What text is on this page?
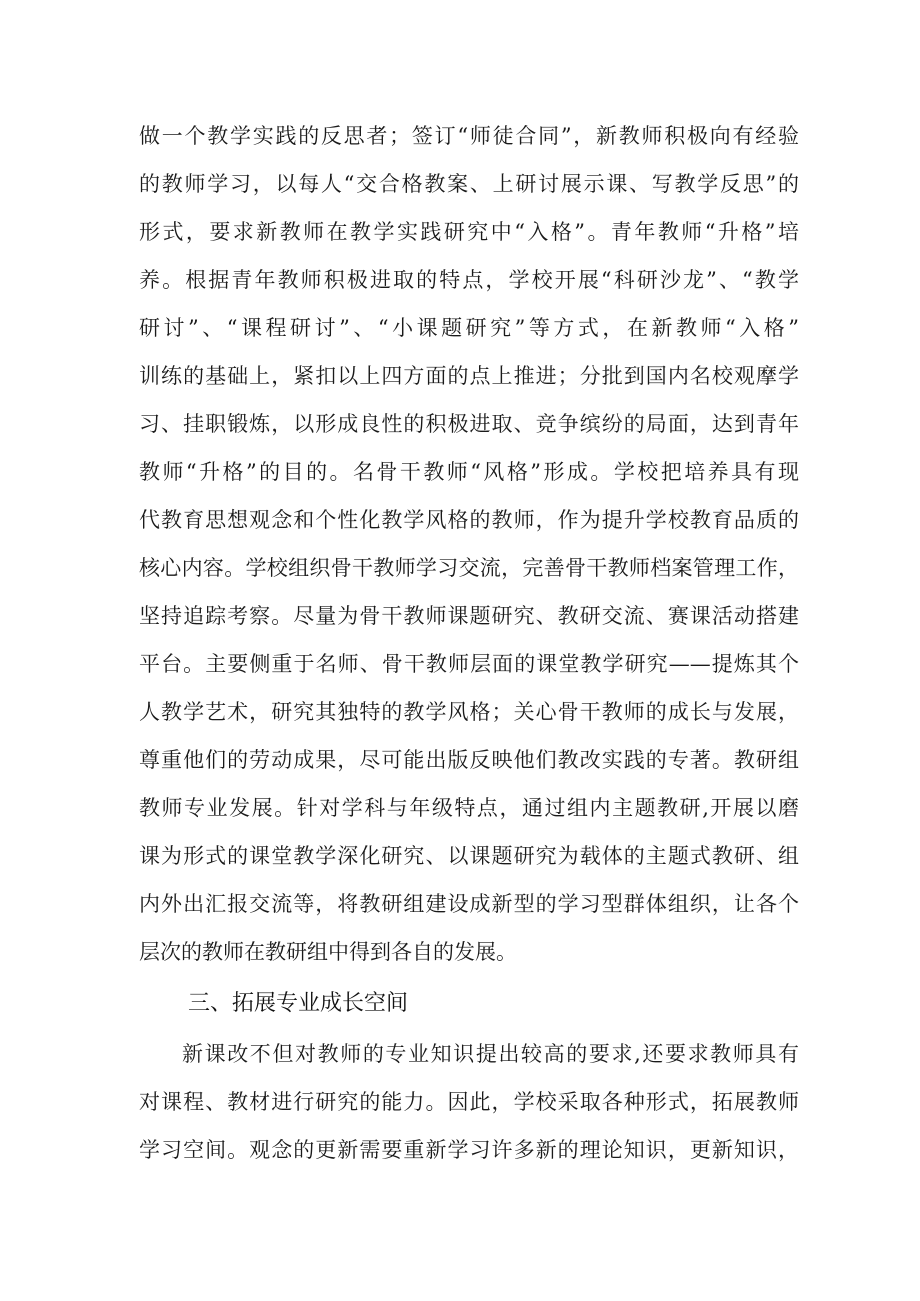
做一个教学实践的反思者；签订“师徒合同”，新教师积极向有经验
的教师学习，以每人“交合格教案、上研讨展示课、写教学反思”的
形式，要求新教师在教学实践研究中“入格”。青年教师“升格”培
养。根据青年教师积极进取的特点，学校开展“科研沙龙”、“教学
研讨”、“课程研讨”、“小课题研究”等方式，在新教师“入格”
训练的基础上，紧扣以上四方面的点上推进；分批到国内名校观摩学
习、挂职锻炼，以形成良性的积极进取、竞争缤纷的局面，达到青年
教师“升格”的目的。名骨干教师“风格”形成。学校把培养具有现
代教育思想观念和个性化教学风格的教师，作为提升学校教育品质的
核心内容。学校组织骨干教师学习交流，完善骨干教师档案管理工作，
坚持追踪考察。尽量为骨干教师课题研究、教研交流、赛课活动搭建
平台。主要侧重于名师、骨干教师层面的课堂教学研究——提炼其个
人教学艺术，研究其独特的教学风格；关心骨干教师的成长与发展，
尊重他们的劳动成果，尽可能出版反映他们教改实践的专著。教研组
教师专业发展。针对学科与年级特点，通过组内主题教研,开展以磨
课为形式的课堂教学深化研究、以课题研究为载体的主题式教研、组
内外出汇报交流等，将教研组建设成新型的学习型群体组织，让各个
层次的教师在教研组中得到各自的发展。
三、拓展专业成长空间
新课改不但对教师的专业知识提出较高的要求,还要求教师具有
对课程、教材进行研究的能力。因此，学校采取各种形式，拓展教师
学习空间。观念的更新需要重新学习许多新的理论知识，更新知识，
